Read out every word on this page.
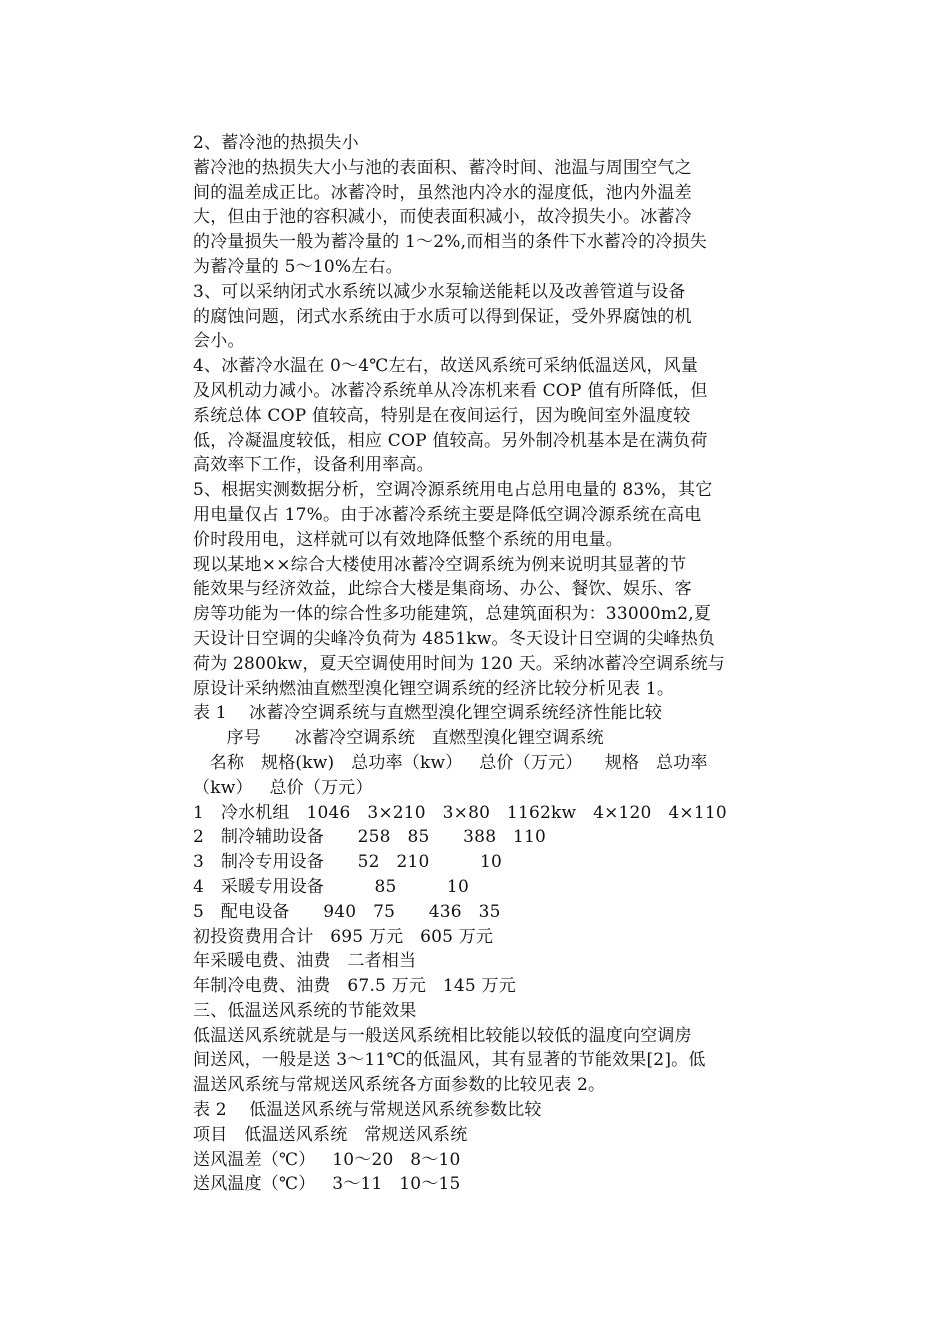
2、蓄冷池的热损失小
蓄冷池的热损失大小与池的表面积、蓄冷时间、池温与周围空气之
间的温差成正比。冰蓄冷时，虽然池内冷水的湿度低，池内外温差
大，但由于池的容积减小，而使表面积减小，故冷损失小。冰蓄冷
的冷量损失一般为蓄冷量的 1～2%,而相当的条件下水蓄冷的冷损失
为蓄冷量的 5～10%左右。
3、可以采纳闭式水系统以减少水泵输送能耗以及改善管道与设备
的腐蚀问题，闭式水系统由于水质可以得到保证，受外界腐蚀的机
会小。
4、冰蓄冷水温在 0～4℃左右，故送风系统可采纳低温送风，风量
及风机动力减小。冰蓄冷系统单从冷冻机来看 COP 值有所降低，但
系统总体 COP 值较高，特别是在夜间运行，因为晚间室外温度较
低，冷凝温度较低，相应 COP 值较高。另外制冷机基本是在满负荷
高效率下工作，设备利用率高。
5、根据实测数据分析，空调冷源系统用电占总用电量的 83%，其它
用电量仅占 17%。由于冰蓄冷系统主要是降低空调冷源系统在高电
价时段用电，这样就可以有效地降低整个系统的用电量。
现以某地××综合大楼使用冰蓄冷空调系统为例来说明其显著的节
能效果与经济效益，此综合大楼是集商场、办公、餐饮、娱乐、客
房等功能为一体的综合性多功能建筑，总建筑面积为：33000m2,夏
天设计日空调的尖峰冷负荷为 4851kw。冬天设计日空调的尖峰热负
荷为 2800kw，夏天空调使用时间为 120 天。采纳冰蓄冷空调系统与
原设计采纳燃油直燃型溴化锂空调系统的经济比较分析见表 1。
表 1    冰蓄冷空调系统与直燃型溴化锂空调系统经济性能比较
序号      冰蓄冷空调系统   直燃型溴化锂空调系统
名称   规格(kw)   总功率（kw）   总价（万元）    规格   总功率
（kw）   总价（万元）
1   冷水机组   1046   3×210   3×80   1162kw   4×120   4×110
2   制冷辅助设备      258   85      388   110
3   制冷专用设备      52   210         10
4   采暖专用设备         85         10
5   配电设备      940   75      436   35
初投资费用合计   695 万元   605 万元
年采暖电费、油费   二者相当
年制冷电费、油费   67.5 万元   145 万元
三、低温送风系统的节能效果
低温送风系统就是与一般送风系统相比较能以较低的温度向空调房
间送风，一般是送 3～11℃的低温风，其有显著的节能效果[2]。低
温送风系统与常规送风系统各方面参数的比较见表 2。
表 2    低温送风系统与常规送风系统参数比较
项目   低温送风系统   常规送风系统
送风温差（℃）   10～20   8～10
送风温度（℃）   3～11   10～15
